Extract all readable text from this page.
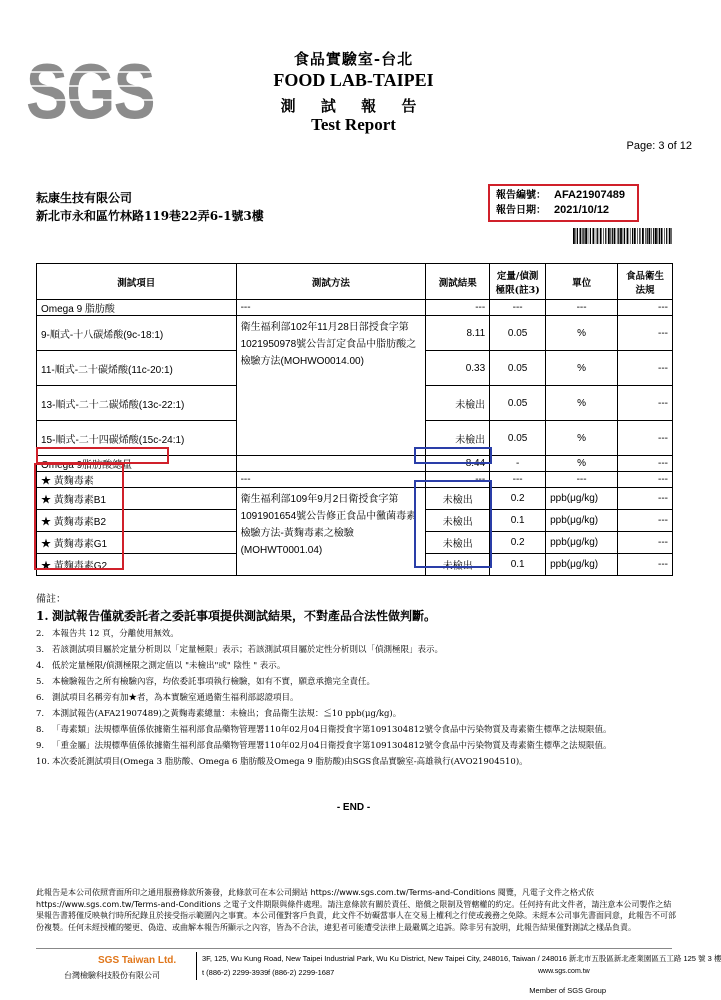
SGS	食品實驗室-台北
FOOD LAB-TAIPEI
測 試 報 告
Test Report
Page: 3 of 12
耘康生技有限公司
新北市永和區竹林路119巷22弄6-1號3樓
報告編號： AFA21907489
報告日期： 2021/10/12
測試項目	測試方法	測試結果	定量/偵測極限(註3)	單位	食品衛生法規
Omega 9 脂肪酸	---	---	---	---	---
9-順式-十八碳烯酸(9c-18:1)	衛生福利部102年11月28日部授食字第1021950978號公告訂定食品中脂肪酸之檢驗方法(MOHWO0014.00)	8.11	0.05	%	---
11-順式-二十碳烯酸(11c-20:1)		0.33	0.05	%	---
13-順式-二十二碳烯酸(13c-22:1)		未檢出	0.05	%	---
15-順式-二十四碳烯酸(15c-24:1)		未檢出	0.05	%	---
Omega 9脂肪酸總量		8.44	-	%	---
★ 黃麴毒素	---	---	---	---	---
★ 黃麴毒素B1	衛生福利部109年9月2日衛授食字第1091901654號公告修正食品中黴菌毒素檢驗方法-黃麴毒素之檢驗(MOHWT0001.04)	未檢出	0.2	ppb(μg/kg)	---
★ 黃麴毒素B2		未檢出	0.1	ppb(μg/kg)	---
★ 黃麴毒素G1		未檢出	0.2	ppb(μg/kg)	---
★ 黃麴毒素G2		未檢出	0.1	ppb(μg/kg)	---
備註：
1. 測試報告僅就委託者之委託事項提供測試結果，不對產品合法性做判斷。
2. 本報告共 12 頁，分離使用無效。
3. 若該測試項目屬於定量分析則以「定量極限」表示；若該測試項目屬於定性分析則以「偵測極限」表示。
4. 低於定量極限/偵測極限之測定值以 "未檢出"或" 陰性 " 表示。
5. 本檢驗報告之所有檢驗內容，均依委託事項執行檢驗，如有不實，願意承擔完全責任。
6. 測試項目名稱旁有加★者，為本實驗室通過衛生福利部認證項目。
7. 本測試報告(AFA21907489)之黃麴毒素總量：未檢出；食品衛生法規：≦10 ppb(μg/kg)。
8. 「毒素類」法規標準值係依據衛生福利部食品藥物管理署110年02月04日衛授食字第1091304812號令食品中污染物質及毒素衛生標準之法規限值。
9. 「重金屬」法規標準值係依據衛生福利部食品藥物管理署110年02月04日衛授食字第1091304812號令食品中污染物質及毒素衛生標準之法規限值。
10. 本次委託測試項目(Omega 3 脂肪酸、Omega 6 脂肪酸及Omega 9 脂肪酸)由SGS食品實驗室-高雄執行(AVO21904510)。
- END -
此報告是本公司依照背面所印之通用服務條款所簽發，此條款可在本公司網站 https://www.sgs.com.tw/Terms-and-Conditions 閱覽，凡電子文件之格式依https://www.sgs.com.tw/Terms-and-Conditions 之電子文件期限與條件處理。請注意條款有關於責任、賠償之限制及管轄權的約定。任何持有此文件者，請注意本公司製作之結果報告書將僅反映執行時所紀錄且於接受指示範圍內之事實。本公司僅對客戶負責，此文件不妨礙當事人在交易上權利之行使或義務之免除。未經本公司事先書面同意，此報告不可部份複製。任何未經授權的變更、偽造、或曲解本報告所顯示之內容，皆為不合法，違犯者可能遭受法律上最嚴厲之追訴。除非另有說明，此報告結果僅對測試之樣品負責。
SGS Taiwan Ltd.
台灣檢驗科技股份有限公司
3F, 125, Wu Kung Road, New Taipei Industrial Park, Wu Ku District, New Taipei City, 248016, Taiwan / 248016 新北市五股區新北產業園區五工路 125 號 3 樓
t (886-2) 2299-3939 f (886-2) 2299-1687	www.sgs.com.tw
Member of SGS Group
